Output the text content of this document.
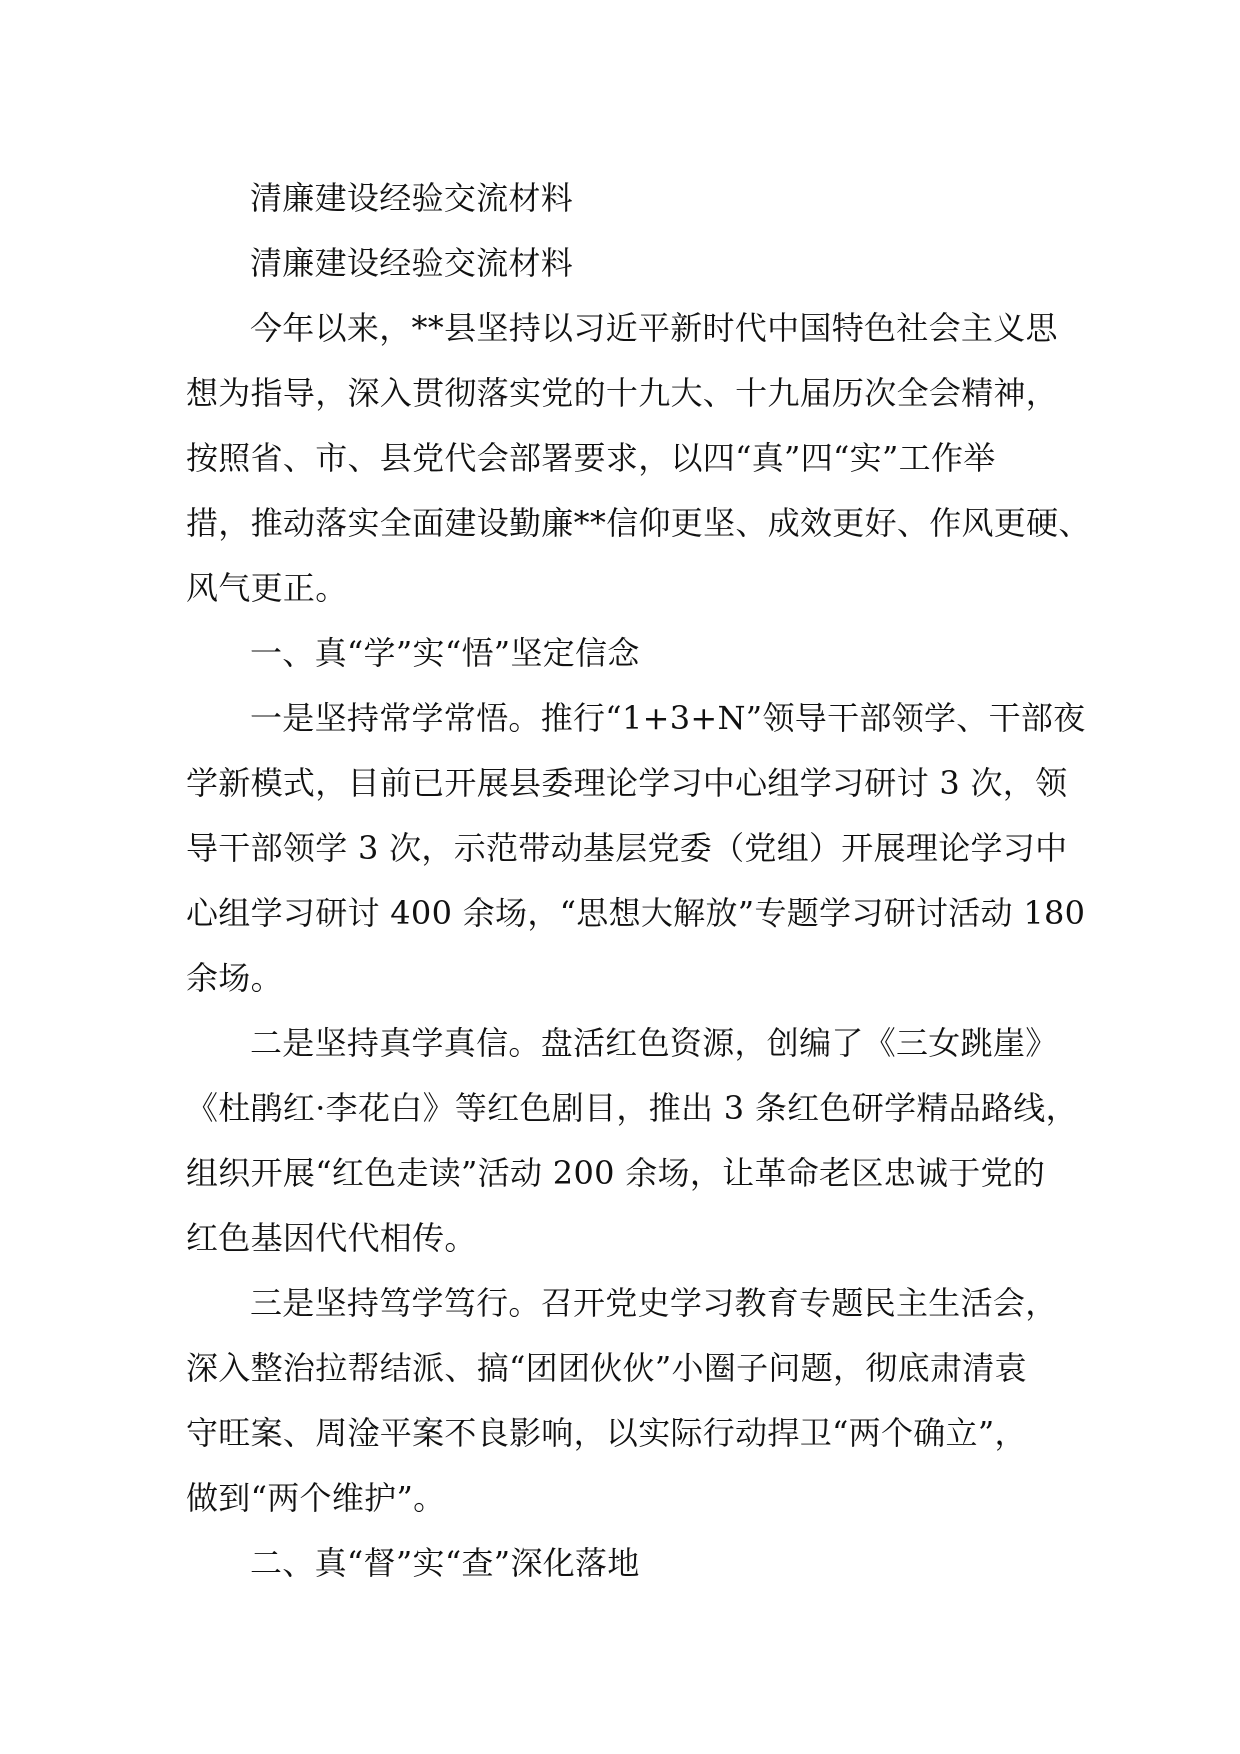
清廉建设经验交流材料
清廉建设经验交流材料
今年以来，**县坚持以习近平新时代中国特色社会主义思
想为指导，深入贯彻落实党的十九大、十九届历次全会精神，
按照省、市、县党代会部署要求，以四“真”四“实”工作举
措，推动落实全面建设勤廉**信仰更坚、成效更好、作风更硬、
风气更正。
一、真“学”实“悟”坚定信念
一是坚持常学常悟。推行“1+3+N”领导干部领学、干部夜
学新模式，目前已开展县委理论学习中心组学习研讨 3 次，领
导干部领学 3 次，示范带动基层党委（党组）开展理论学习中
心组学习研讨 400 余场，“思想大解放”专题学习研讨活动 180
余场。
二是坚持真学真信。盘活红色资源，创编了《三女跳崖》
《杜鹃红·李花白》等红色剧目，推出 3 条红色研学精品路线，
组织开展“红色走读”活动 200 余场，让革命老区忠诚于党的
红色基因代代相传。
三是坚持笃学笃行。召开党史学习教育专题民主生活会，
深入整治拉帮结派、搞“团团伙伙”小圈子问题，彻底肃清袁
守旺案、周淦平案不良影响，以实际行动捍卫“两个确立”，
做到“两个维护”。
二、真“督”实“查”深化落地
